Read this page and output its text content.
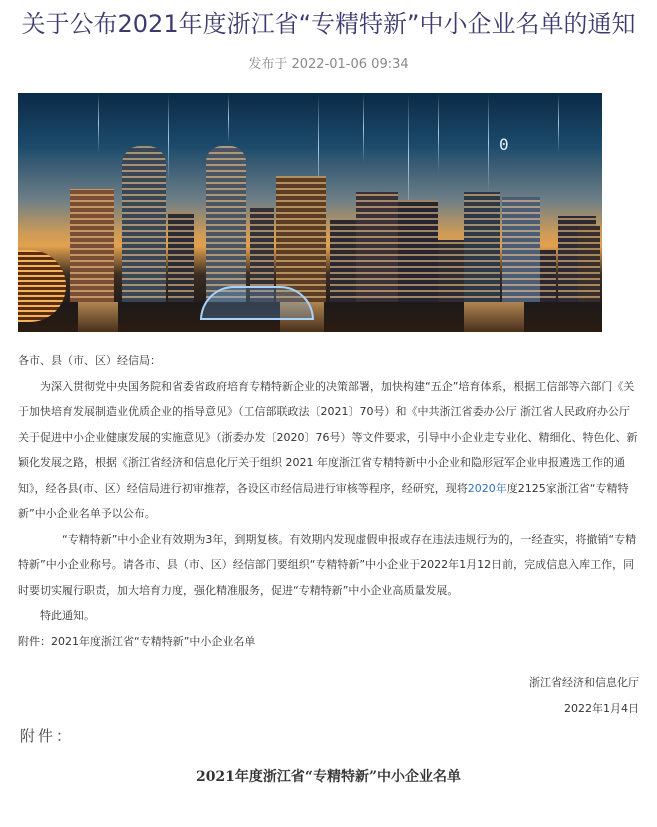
关于公布2021年度浙江省“专精特新”中小企业名单的通知
发布于 2022-01-06 09:34
0

各市、县（市、区）经信局：

为深入贯彻党中央国务院和省委省政府培育专精特新企业的决策部署，加快构建“五企”培育体系，根据工信部等六部门《关于加快培育发展制造业优质企业的指导意见》（工信部联政法〔2021〕70号）和《中共浙江省委办公厅 浙江省人民政府办公厅关于促进中小企业健康发展的实施意见》（浙委办发〔2020〕76号）等文件要求，引导中小企业走专业化、精细化、特色化、新颖化发展之路，根据《浙江省经济和信息化厅关于组织 2021 年度浙江省专精特新中小企业和隐形冠军企业申报遴选工作的通知》，经各县(市、区）经信局进行初审推荐，各设区市经信局进行审核等程序，经研究，现将2020年度2125家浙江省“专精特新”中小企业名单予以公布。

“专精特新”中小企业有效期为3年，到期复核。有效期内发现虚假申报或存在违法违规行为的，一经查实，将撤销“专精特新”中小企业称号。请各市、县（市、区）经信部门要组织“专精特新”中小企业于2022年1月12日前，完成信息入库工作，同时要切实履行职责，加大培育力度，强化精准服务，促进“专精特新”中小企业高质量发展。

特此通知。

附件：2021年度浙江省“专精特新”中小企业名单

浙江省经济和信息化厅

2022年1月4日

附件：
2021年度浙江省“专精特新”中小企业名单
